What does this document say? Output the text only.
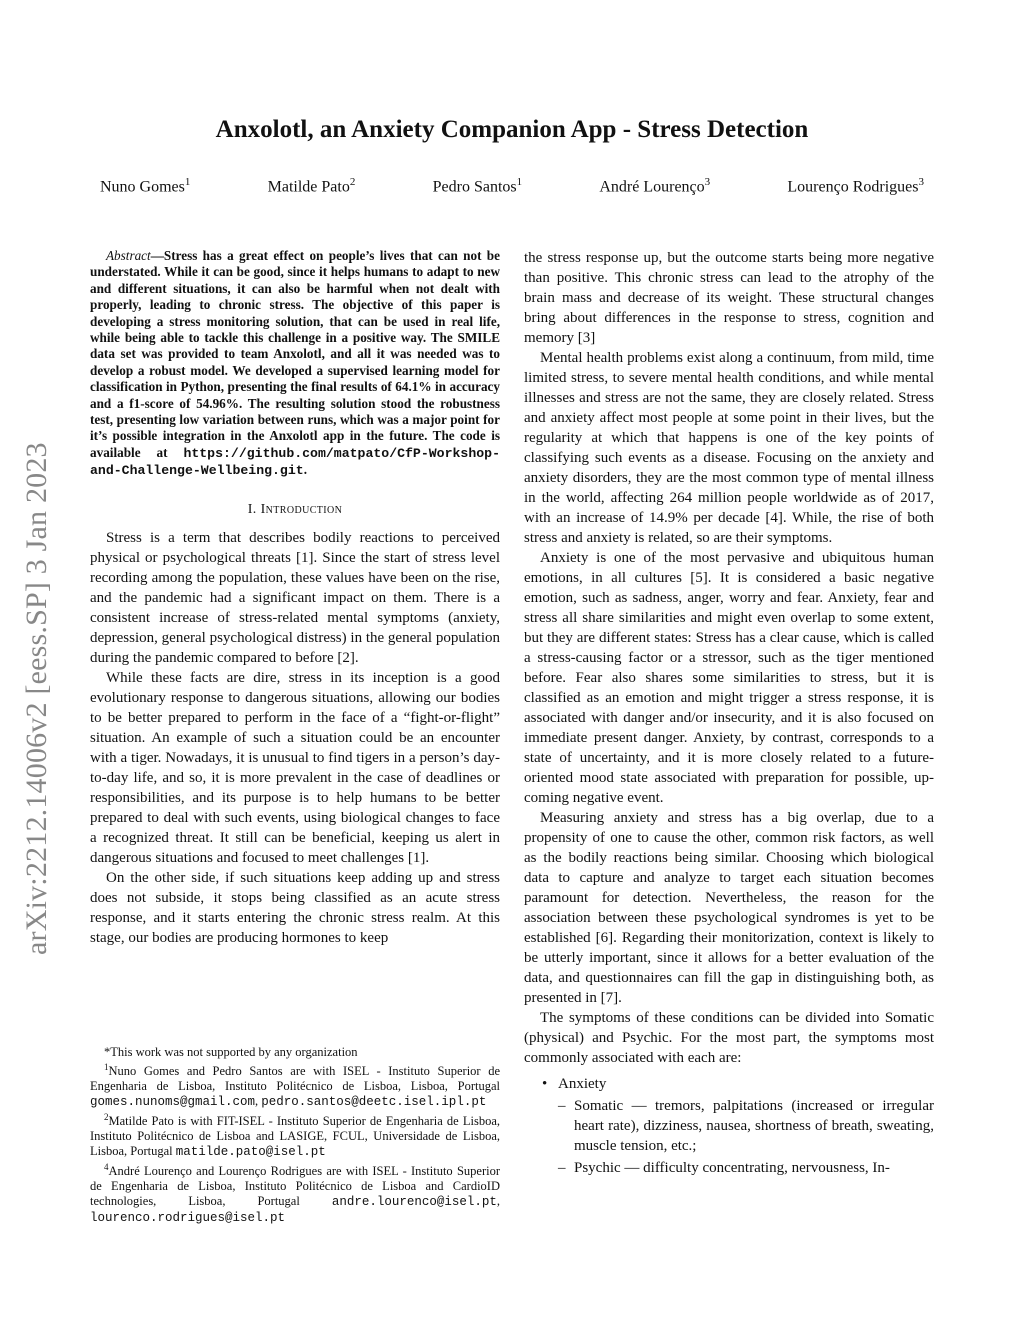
Anxolotl, an Anxiety Companion App - Stress Detection
Nuno Gomes$^1$	Matilde Pato$^2$	Pedro Santos$^1$	André Lourenço$^3$	Lourenço Rodrigues$^3$
arXiv:2212.14006v2 [eess.SP] 3 Jan 2023

Abstract—Stress has a great effect on people’s lives that can not be understated. While it can be good, since it helps humans to adapt to new and different situations, it can also be harmful when not dealt with properly, leading to chronic stress. The objective of this paper is developing a stress monitoring solution, that can be used in real life, while being able to tackle this challenge in a positive way. The SMILE data set was provided to team Anxolotl, and all it was needed was to develop a robust model. We developed a supervised learning model for classification in Python, presenting the final results of 64.1% in accuracy and a f1-score of 54.96%. The resulting solution stood the robustness test, presenting low variation between runs, which was a major point for it’s possible integration in the Anxolotl app in the future. The code is available at https://github.com/matpato/CfP-Workshop-and-Challenge-Wellbeing.git.

I. Introduction

Stress is a term that describes bodily reactions to perceived physical or psychological threats [1]. Since the start of stress level recording among the population, these values have been on the rise, and the pandemic had a significant impact on them. There is a consistent increase of stress-related mental symptoms (anxiety, depression, general psychological distress) in the general population during the pandemic compared to before [2].

While these facts are dire, stress in its inception is a good evolutionary response to dangerous situations, allowing our bodies to be better prepared to perform in the face of a “fight-or-flight” situation. An example of such a situation could be an encounter with a tiger. Nowadays, it is unusual to find tigers in a person’s day-to-day life, and so, it is more prevalent in the case of deadlines or responsibilities, and its purpose is to help humans to be better prepared to deal with such events, using biological changes to face a recognized threat. It still can be beneficial, keeping us alert in dangerous situations and focused to meet challenges [1].

On the other side, if such situations keep adding up and stress does not subside, it stops being classified as an acute stress response, and it starts entering the chronic stress realm. At this stage, our bodies are producing hormones to keep

*This work was not supported by any organization

$^1$Nuno Gomes and Pedro Santos are with ISEL - Instituto Superior de Engenharia de Lisboa, Instituto Politécnico de Lisboa, Lisboa, Portugal gomes.nunoms@gmail.com, pedro.santos@deetc.isel.ipl.pt

$^2$Matilde Pato is with FIT-ISEL - Instituto Superior de Engenharia de Lisboa, Instituto Politécnico de Lisboa and LASIGE, FCUL, Universidade de Lisboa, Lisboa, Portugal matilde.pato@isel.pt

$^4$André Lourenço and Lourenço Rodrigues are with ISEL - Instituto Superior de Engenharia de Lisboa, Instituto Politécnico de Lisboa and CardioID technologies, Lisboa, Portugal andre.lourenco@isel.pt, lourenco.rodrigues@isel.pt

the stress response up, but the outcome starts being more negative than positive. This chronic stress can lead to the atrophy of the brain mass and decrease of its weight. These structural changes bring about differences in the response to stress, cognition and memory [3]

Mental health problems exist along a continuum, from mild, time limited stress, to severe mental health conditions, and while mental illnesses and stress are not the same, they are closely related. Stress and anxiety affect most people at some point in their lives, but the regularity at which that happens is one of the key points of classifying such events as a disease. Focusing on the anxiety and anxiety disorders, they are the most common type of mental illness in the world, affecting 264 million people worldwide as of 2017, with an increase of 14.9% per decade [4]. While, the rise of both stress and anxiety is related, so are their symptoms.

Anxiety is one of the most pervasive and ubiquitous human emotions, in all cultures [5]. It is considered a basic negative emotion, such as sadness, anger, worry and fear. Anxiety, fear and stress all share similarities and might even overlap to some extent, but they are different states: Stress has a clear cause, which is called a stress-causing factor or a stressor, such as the tiger mentioned before. Fear also shares some similarities to stress, but it is classified as an emotion and might trigger a stress response, it is associated with danger and/or insecurity, and it is also focused on immediate present danger. Anxiety, by contrast, corresponds to a state of uncertainty, and it is more closely related to a future-oriented mood state associated with preparation for possible, up-coming negative event.

Measuring anxiety and stress has a big overlap, due to a propensity of one to cause the other, common risk factors, as well as the bodily reactions being similar. Choosing which biological data to capture and analyze to target each situation becomes paramount for detection. Nevertheless, the reason for the association between these psychological syndromes is yet to be established [6]. Regarding their monitorization, context is likely to be utterly important, since it allows for a better evaluation of the data, and questionnaires can fill the gap in distinguishing both, as presented in [7].

The symptoms of these conditions can be divided into Somatic (physical) and Psychic. For the most part, the symptoms most commonly associated with each are:

• Anxiety
– Somatic — tremors, palpitations (increased or irregular heart rate), dizziness, nausea, shortness of breath, sweating, muscle tension, etc.;
– Psychic — difficulty concentrating, nervousness, In-
